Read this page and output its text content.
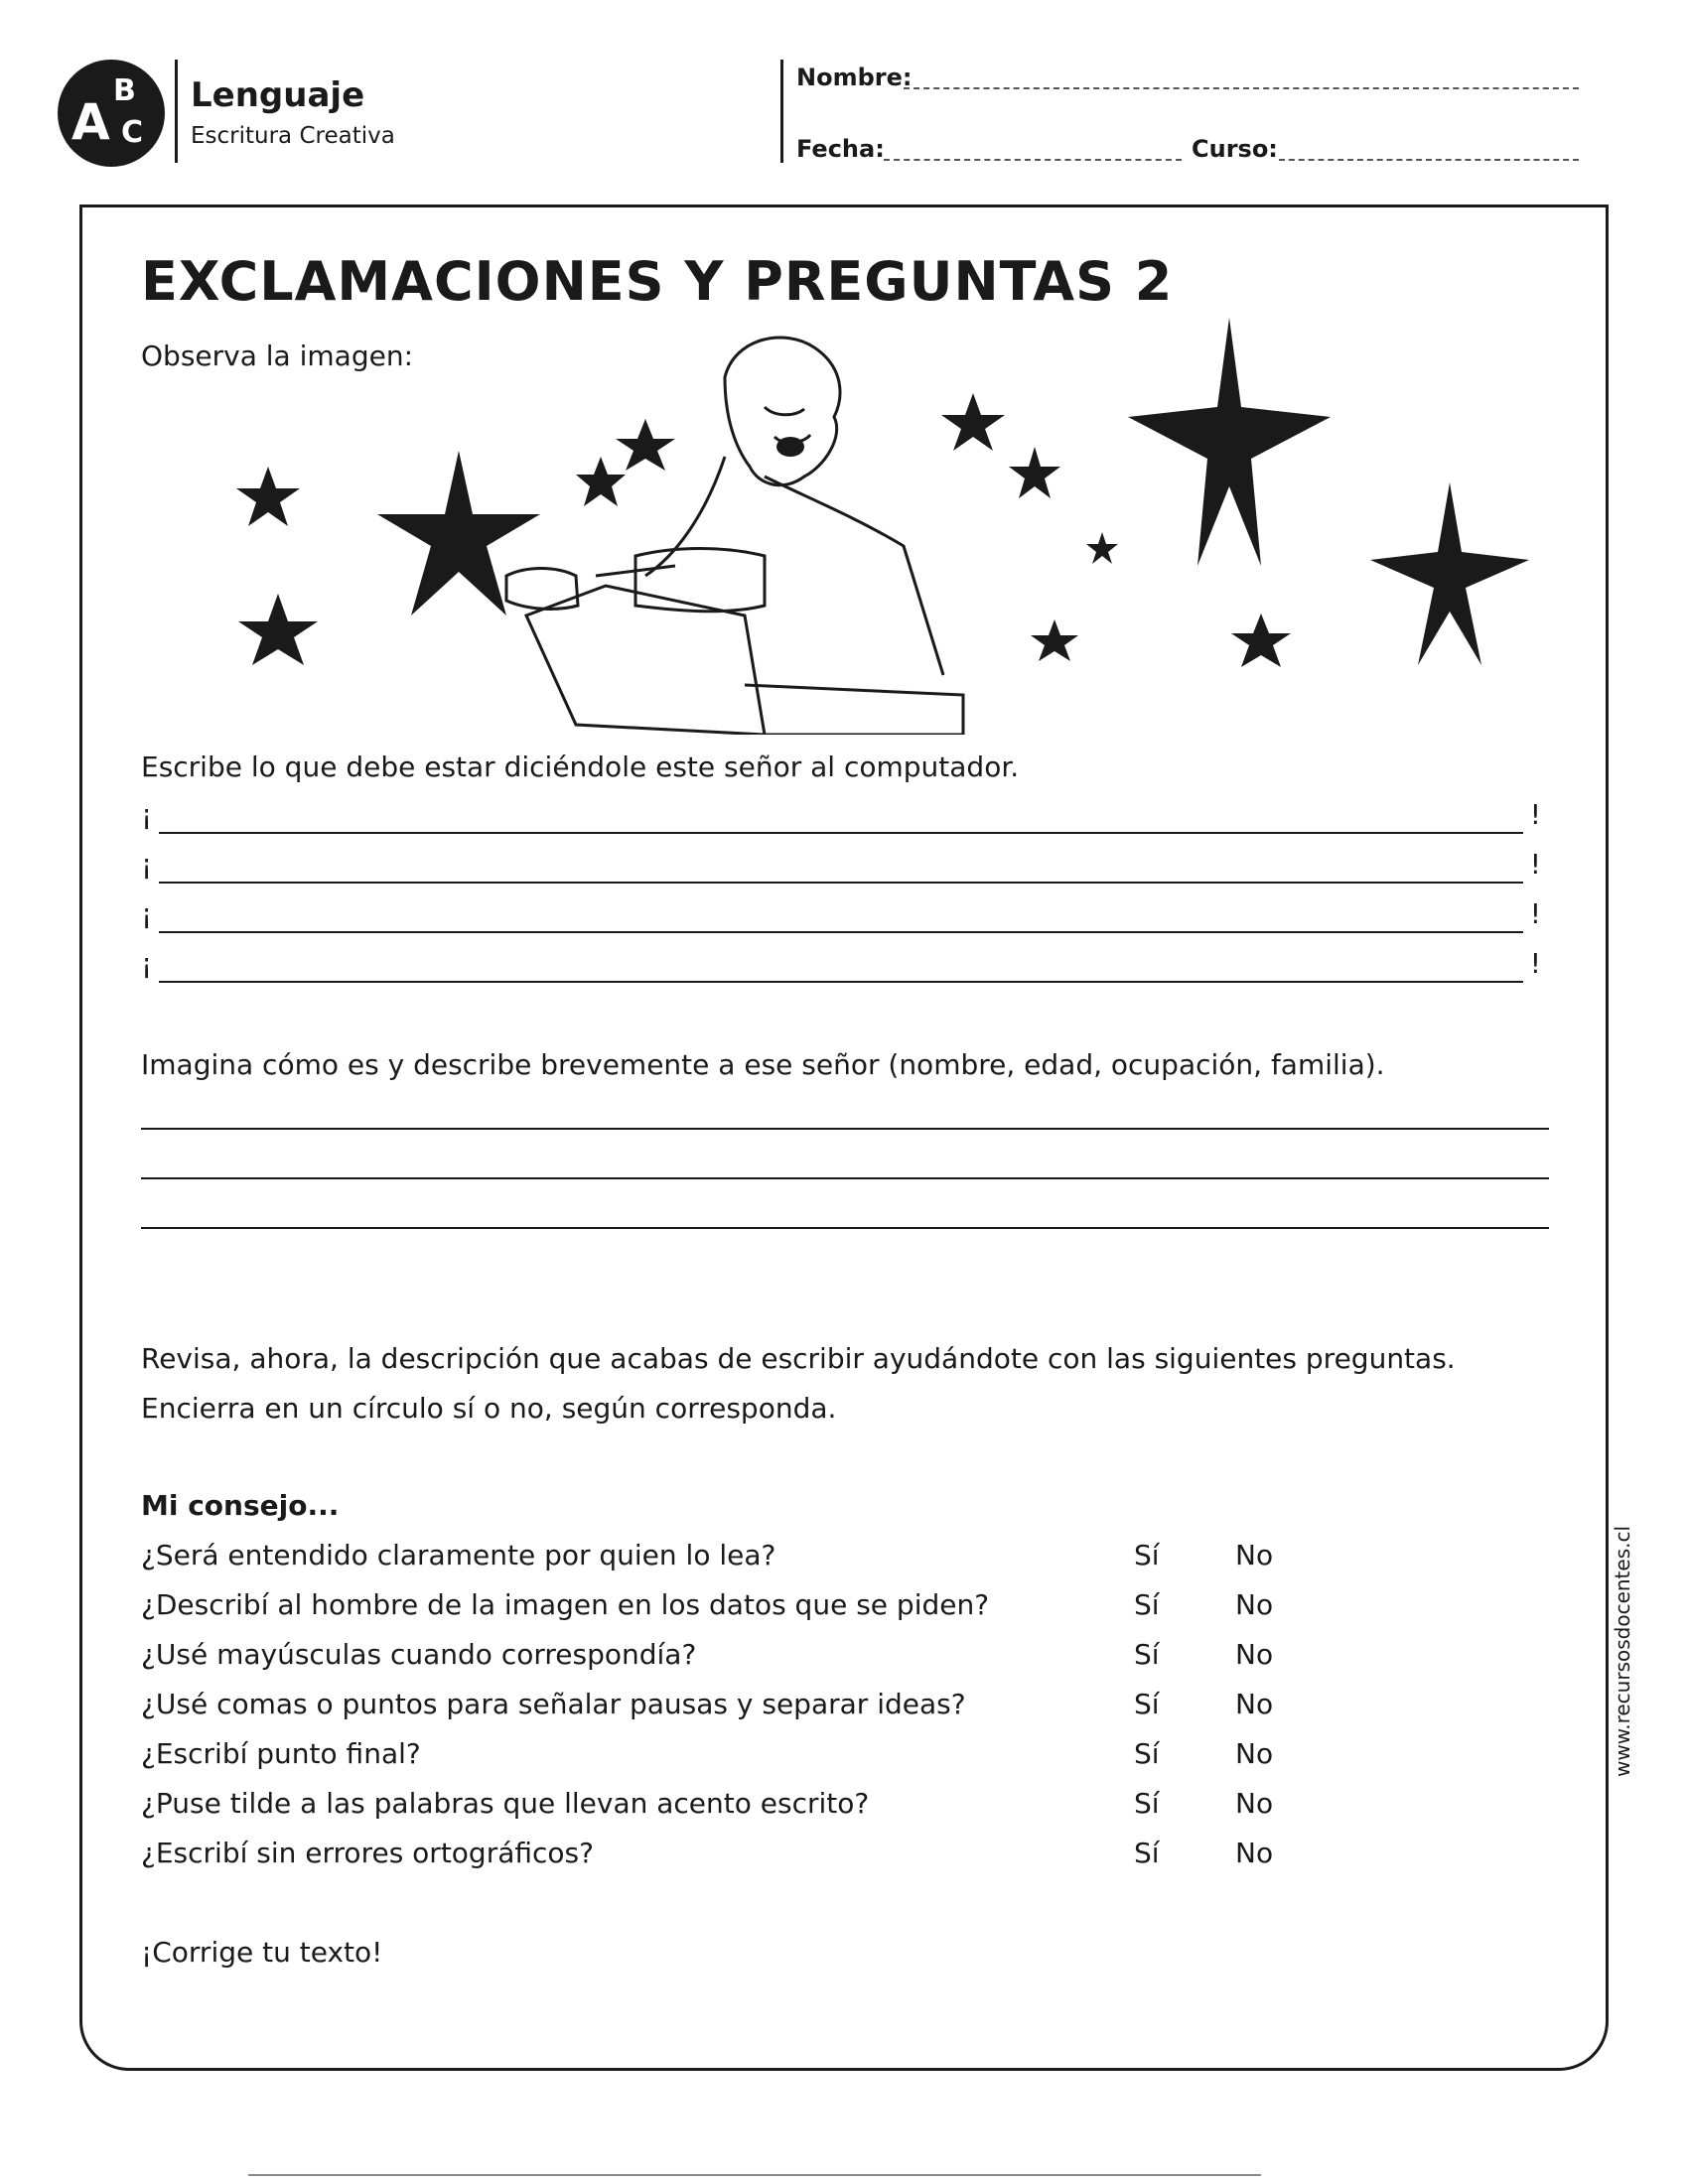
A
B
C
Lenguaje
Escritura Creativa
Nombre:
Fecha:	Curso:
EXCLAMACIONES Y PREGUNTAS 2
Observa la imagen:
Escribe lo que debe estar diciéndole este señor al computador.
¡	!
¡	!
¡	!
¡	!
Imagina cómo es y describe brevemente a ese señor (nombre, edad, ocupación, familia).
Revisa, ahora, la descripción que acabas de escribir ayudándote con las siguientes preguntas.
Encierra en un círculo sí o no, según corresponda.
Mi consejo...
¿Será entendido claramente por quien lo lea?	Sí	No
¿Describí al hombre de la imagen en los datos que se piden?	Sí	No
¿Usé mayúsculas cuando correspondía?	Sí	No
¿Usé comas o puntos para señalar pausas y separar ideas?	Sí	No
¿Escribí punto final?	Sí	No
¿Puse tilde a las palabras que llevan acento escrito?	Sí	No
¿Escribí sin errores ortográficos?	Sí	No
¡Corrige tu texto!
www.recursosdocentes.cl
